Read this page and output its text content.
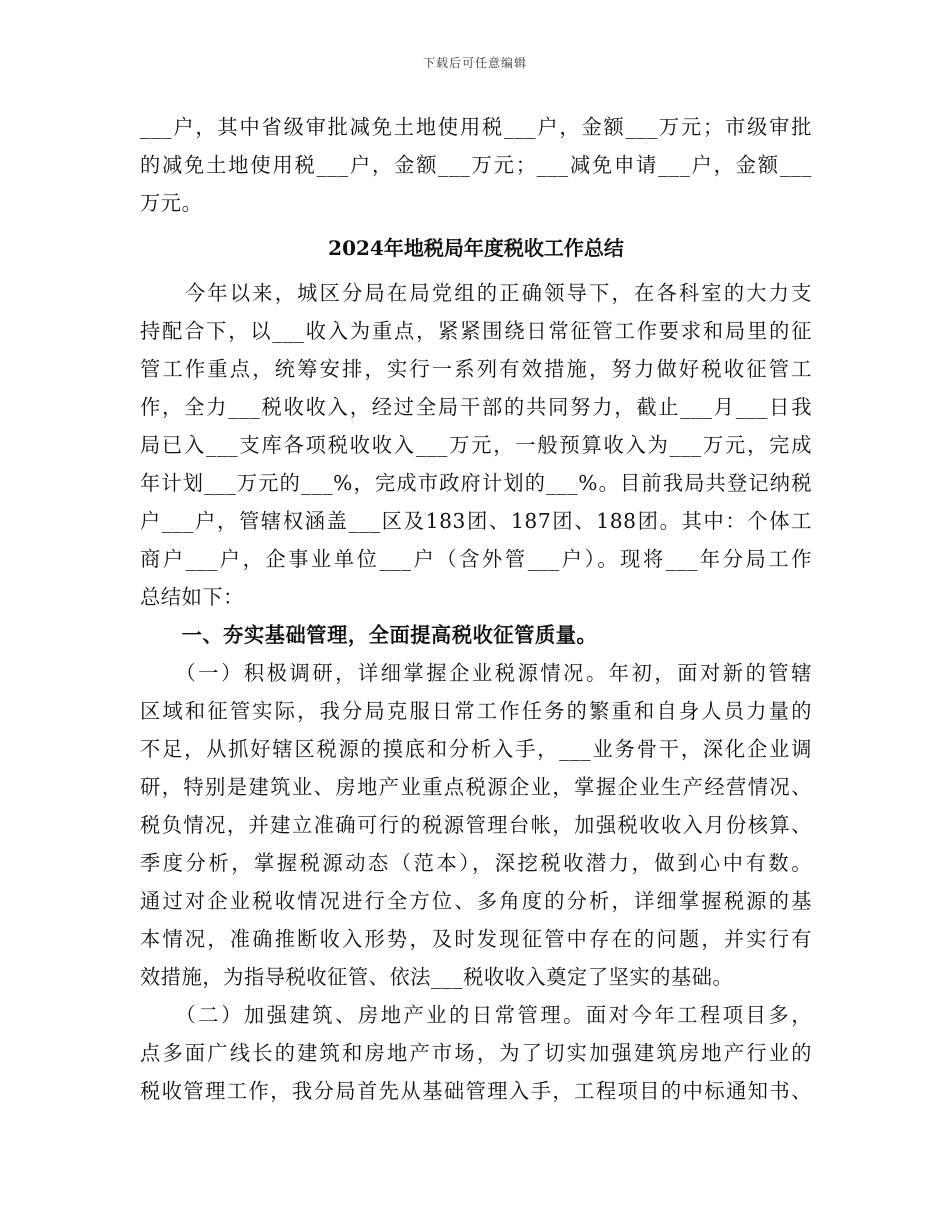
下载后可任意编辑
___户，其中省级审批减免土地使用税___户，金额___万元；市级审批
的减免土地使用税___户，金额___万元；___减免申请___户，金额___
万元。
2024年地税局年度税收工作总结
　　今年以来，城区分局在局党组的正确领导下，在各科室的大力支
持配合下，以___收入为重点，紧紧围绕日常征管工作要求和局里的征
管工作重点，统筹安排，实行一系列有效措施，努力做好税收征管工
作，全力___税收收入，经过全局干部的共同努力，截止___月___日我
局已入___支库各项税收收入___万元，一般预算收入为___万元，完成
年计划___万元的___%，完成市政府计划的___%。目前我局共登记纳税
户___户，管辖权涵盖___区及183团、187团、188团。其中：个体工
商户___户，企事业单位___户（含外管___户）。现将___年分局工作
总结如下：
　　一、夯实基础管理，全面提高税收征管质量。
　　（一）积极调研，详细掌握企业税源情况。年初，面对新的管辖
区域和征管实际，我分局克服日常工作任务的繁重和自身人员力量的
不足，从抓好辖区税源的摸底和分析入手，___业务骨干，深化企业调
研，特别是建筑业、房地产业重点税源企业，掌握企业生产经营情况、
税负情况，并建立准确可行的税源管理台帐，加强税收收入月份核算、
季度分析，掌握税源动态（范本），深挖税收潜力，做到心中有数。
通过对企业税收情况进行全方位、多角度的分析，详细掌握税源的基
本情况，准确推断收入形势，及时发现征管中存在的问题，并实行有
效措施，为指导税收征管、依法___税收收入奠定了坚实的基础。
　　（二）加强建筑、房地产业的日常管理。面对今年工程项目多，
点多面广线长的建筑和房地产市场，为了切实加强建筑房地产行业的
税收管理工作，我分局首先从基础管理入手，工程项目的中标通知书、
